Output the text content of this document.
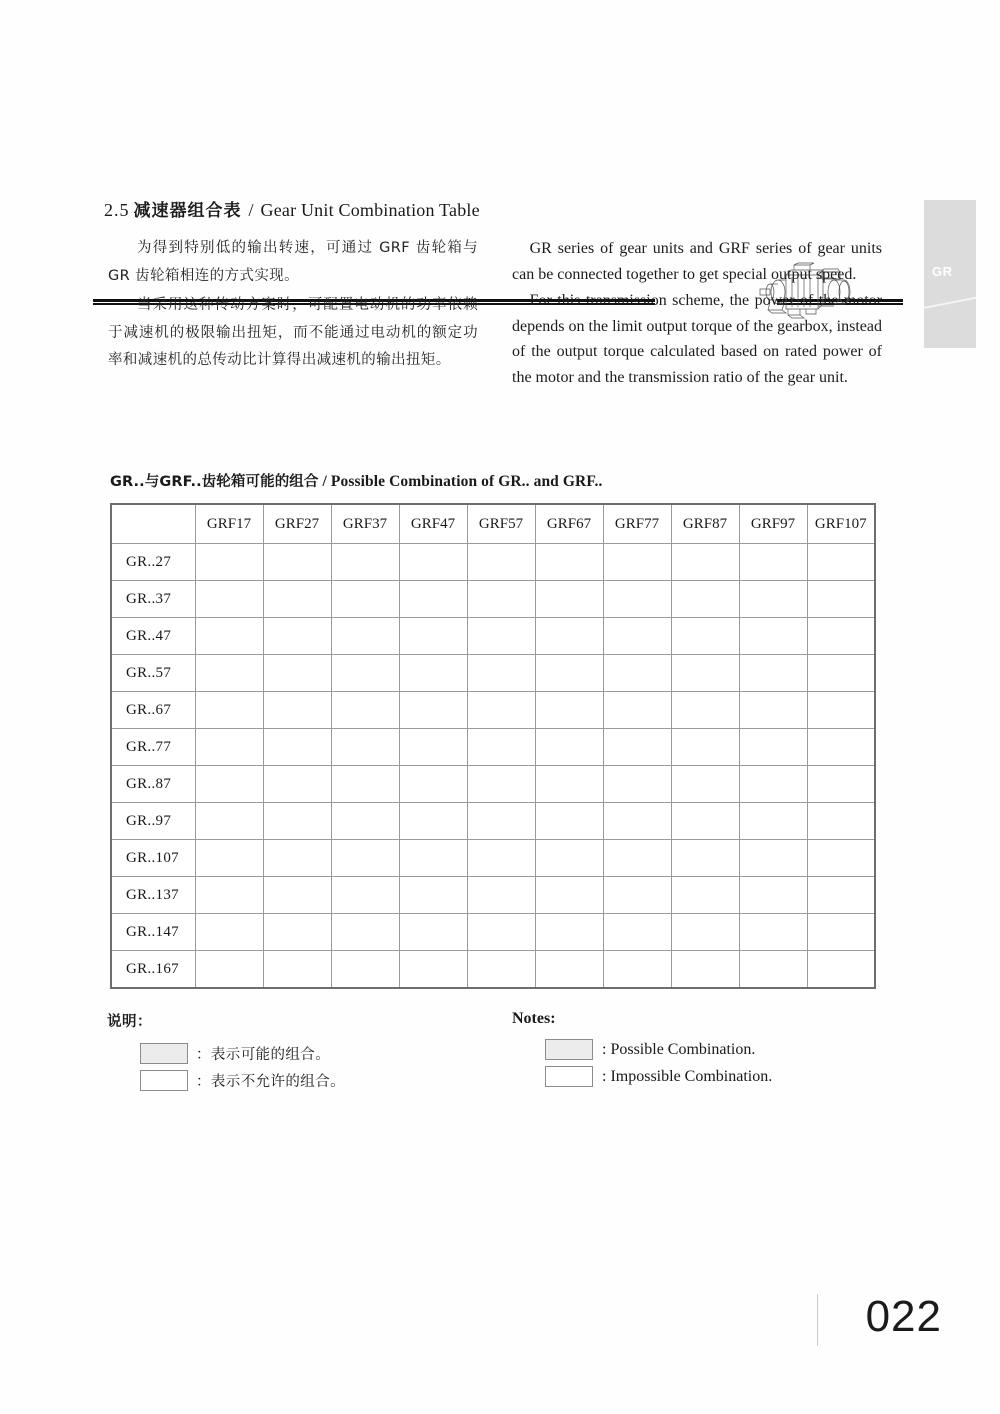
GR
2.5 减速器组合表 / Gear Unit Combination Table

为得到特别低的输出转速，可通过 GRF 齿轮箱与 GR 齿轮箱相连的方式实现。

当采用这种传动方案时，可配置电动机的功率依赖于减速机的极限输出扭矩，而不能通过电动机的额定功率和减速机的总传动比计算得出减速机的输出扭矩。

GR series of gear units and GRF series of gear units can be connected together to get special output speed.

For this transmission scheme, the power of the motor depends on the limit output torque of the gearbox, instead of the output torque calculated based on rated power of the motor and the transmission ratio of the gear unit.

GR..与GRF..齿轮箱可能的组合 / Possible Combination of GR.. and GRF..
	GRF17	GRF27	GRF37	GRF47	GRF57	GRF67	GRF77	GRF87	GRF97	GRF107
GR..27										
GR..37										
GR..47										
GR..57										
GR..67										
GR..77										
GR..87										
GR..97										
GR..107										
GR..137										
GR..147										
GR..167										
说明：
：表示可能的组合。
：表示不允许的组合。
Notes:
: Possible Combination.
: Impossible Combination.
022
